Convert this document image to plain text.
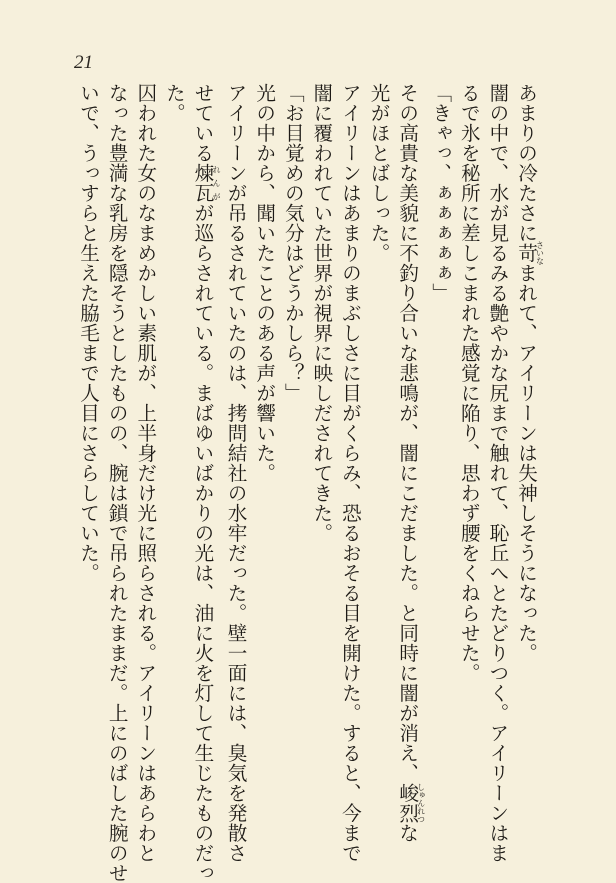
21
あまりの冷たさに苛さいなまれて、アイリーンは失神しそうになった。
闇の中で、水が見るみる艶やかな尻まで触れて、恥丘へとたどりつく。アイリーンはま
るで氷を秘所に差しこまれた感覚に陥り、思わず腰をくねらせた。
「きゃっ、ぁぁぁぁぁ」
その高貴な美貌に不釣り合いな悲鳴が、闇にこだました。と同時に闇が消え、峻烈しゅんれつな
光がほとばしった。
アイリーンはあまりのまぶしさに目がくらみ、恐るおそる目を開けた。すると、今まで
闇に覆われていた世界が視界に映しだされてきた。
「お目覚めの気分はどうかしら？」
光の中から、聞いたことのある声が響いた。
アイリーンが吊るされていたのは、拷問結社の水牢だった。壁一面には、臭気を発散さ
せている煉瓦れんがが巡らされている。まばゆいばかりの光は、油に火を灯して生じたものだっ
た。
囚われた女のなまめかしい素肌が、上半身だけ光に照らされる。アイリーンはあらわと
なった豊満な乳房を隠そうとしたものの、腕は鎖で吊られたままだ。上にのばした腕のせ
いで、うっすらと生えた脇毛まで人目にさらしていた。
